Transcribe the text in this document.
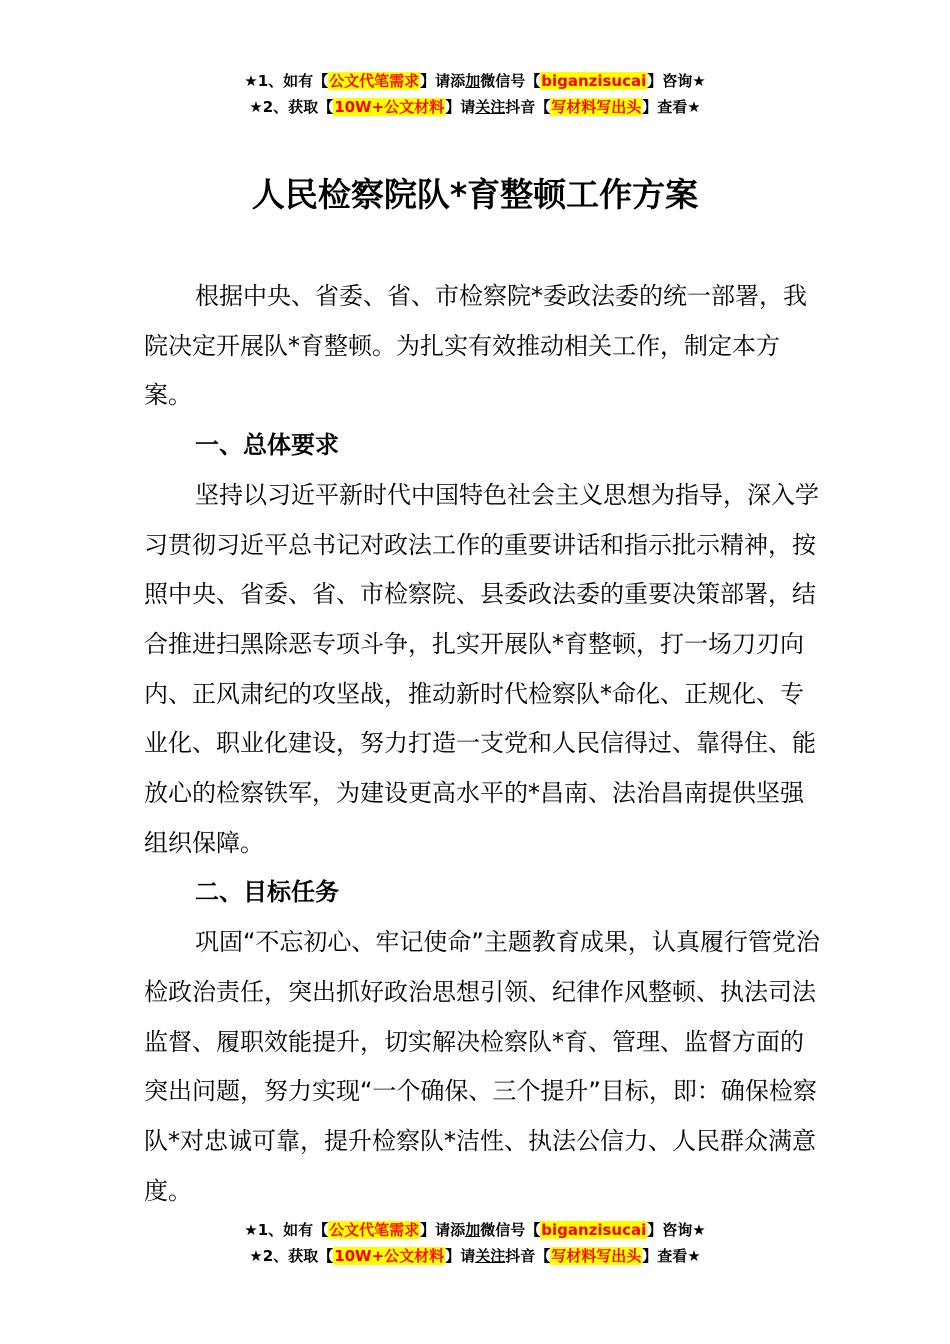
★1、如有【公文代笔需求】请添加微信号【biganzisucai】咨询★
★2、获取【10W+公文材料】请关注抖音【写材料写出头】查看★
人民检察院队*育整顿工作方案

根据中央、省委、省、市检察院*委政法委的统一部署，我院决定开展队*育整顿。为扎实有效推动相关工作，制定本方案。

一、总体要求

坚持以习近平新时代中国特色社会主义思想为指导，深入学习贯彻习近平总书记对政法工作的重要讲话和指示批示精神，按照中央、省委、省、市检察院、县委政法委的重要决策部署，结合推进扫黑除恶专项斗争，扎实开展队*育整顿，打一场刀刃向内、正风肃纪的攻坚战，推动新时代检察队*命化、正规化、专业化、职业化建设，努力打造一支党和人民信得过、靠得住、能放心的检察铁军，为建设更高水平的*昌南、法治昌南提供坚强组织保障。

二、目标任务

巩固“不忘初心、牢记使命”主题教育成果，认真履行管党治检政治责任，突出抓好政治思想引领、纪律作风整顿、执法司法监督、履职效能提升，切实解决检察队*育、管理、监督方面的突出问题，努力实现“一个确保、三个提升”目标，即：确保检察队*对忠诚可靠，提升检察队*洁性、执法公信力、人民群众满意度。

★1、如有【公文代笔需求】请添加微信号【biganzisucai】咨询★
★2、获取【10W+公文材料】请关注抖音【写材料写出头】查看★
